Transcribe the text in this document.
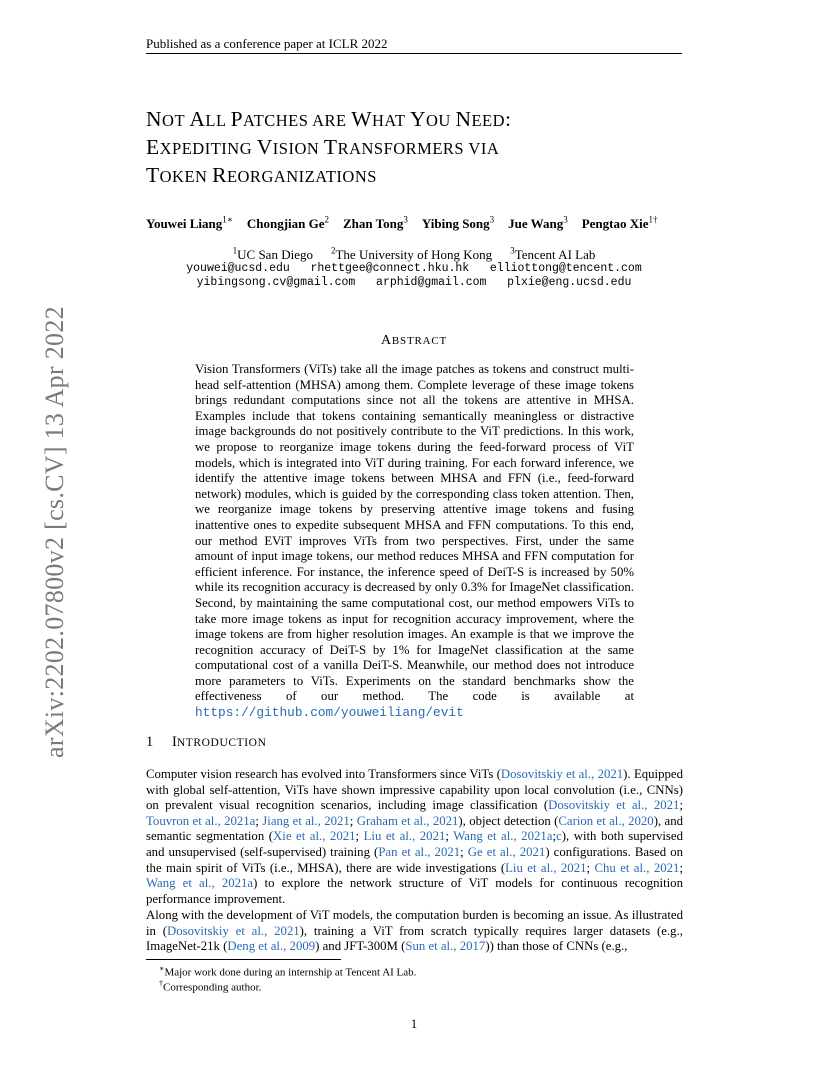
Published as a conference paper at ICLR 2022
NOT ALL PATCHES ARE WHAT YOU NEED:
EXPEDITING VISION TRANSFORMERS VIA
TOKEN REORGANIZATIONS
Youwei Liang$^{1∗}$ Chongjian Ge$^2$ Zhan Tong$^3$ Yibing Song$^3$ Jue Wang$^3$ Pengtao Xie$^{1\dagger}$
$^1$UC San Diego $^2$The University of Hong Kong $^3$Tencent AI Lab
youwei@ucsd.edu   rhettgee@connect.hku.hk   elliottong@tencent.com
yibingsong.cv@gmail.com   arphid@gmail.com   plxie@eng.ucsd.edu
ABSTRACT
Vision Transformers (ViTs) take all the image patches as tokens and construct multi-head self-attention (MHSA) among them. Complete leverage of these image tokens brings redundant computations since not all the tokens are attentive in MHSA. Examples include that tokens containing semantically meaningless or distractive image backgrounds do not positively contribute to the ViT predictions. In this work, we propose to reorganize image tokens during the feed-forward process of ViT models, which is integrated into ViT during training. For each forward inference, we identify the attentive image tokens between MHSA and FFN (i.e., feed-forward network) modules, which is guided by the corresponding class token attention. Then, we reorganize image tokens by preserving attentive image tokens and fusing inattentive ones to expedite subsequent MHSA and FFN computations. To this end, our method EViT improves ViTs from two perspectives. First, under the same amount of input image tokens, our method reduces MHSA and FFN computation for efficient inference. For instance, the inference speed of DeiT-S is increased by 50% while its recognition accuracy is decreased by only 0.3% for ImageNet classification. Second, by maintaining the same computational cost, our method empowers ViTs to take more image tokens as input for recognition accuracy improvement, where the image tokens are from higher resolution images. An example is that we improve the recognition accuracy of DeiT-S by 1% for ImageNet classification at the same computational cost of a vanilla DeiT-S. Meanwhile, our method does not introduce more parameters to ViTs. Experiments on the standard benchmarks show the effectiveness of our method. The code is available at https://github.com/youweiliang/evit
1 INTRODUCTION
Computer vision research has evolved into Transformers since ViTs (Dosovitskiy et al., 2021). Equipped with global self-attention, ViTs have shown impressive capability upon local convolution (i.e., CNNs) on prevalent visual recognition scenarios, including image classification (Dosovitskiy et al., 2021; Touvron et al., 2021a; Jiang et al., 2021; Graham et al., 2021), object detection (Carion et al., 2020), and semantic segmentation (Xie et al., 2021; Liu et al., 2021; Wang et al., 2021a;c), with both supervised and unsupervised (self-supervised) training (Pan et al., 2021; Ge et al., 2021) configurations. Based on the main spirit of ViTs (i.e., MHSA), there are wide investigations (Liu et al., 2021; Chu et al., 2021; Wang et al., 2021a) to explore the network structure of ViT models for continuous recognition performance improvement.
Along with the development of ViT models, the computation burden is becoming an issue. As illustrated in (Dosovitskiy et al., 2021), training a ViT from scratch typically requires larger datasets (e.g., ImageNet-21k (Deng et al., 2009) and JFT-300M (Sun et al., 2017)) than those of CNNs (e.g.,
∗Major work done during an internship at Tencent AI Lab.
†Corresponding author.
1
arXiv:2202.07800v2 [cs.CV] 13 Apr 2022
